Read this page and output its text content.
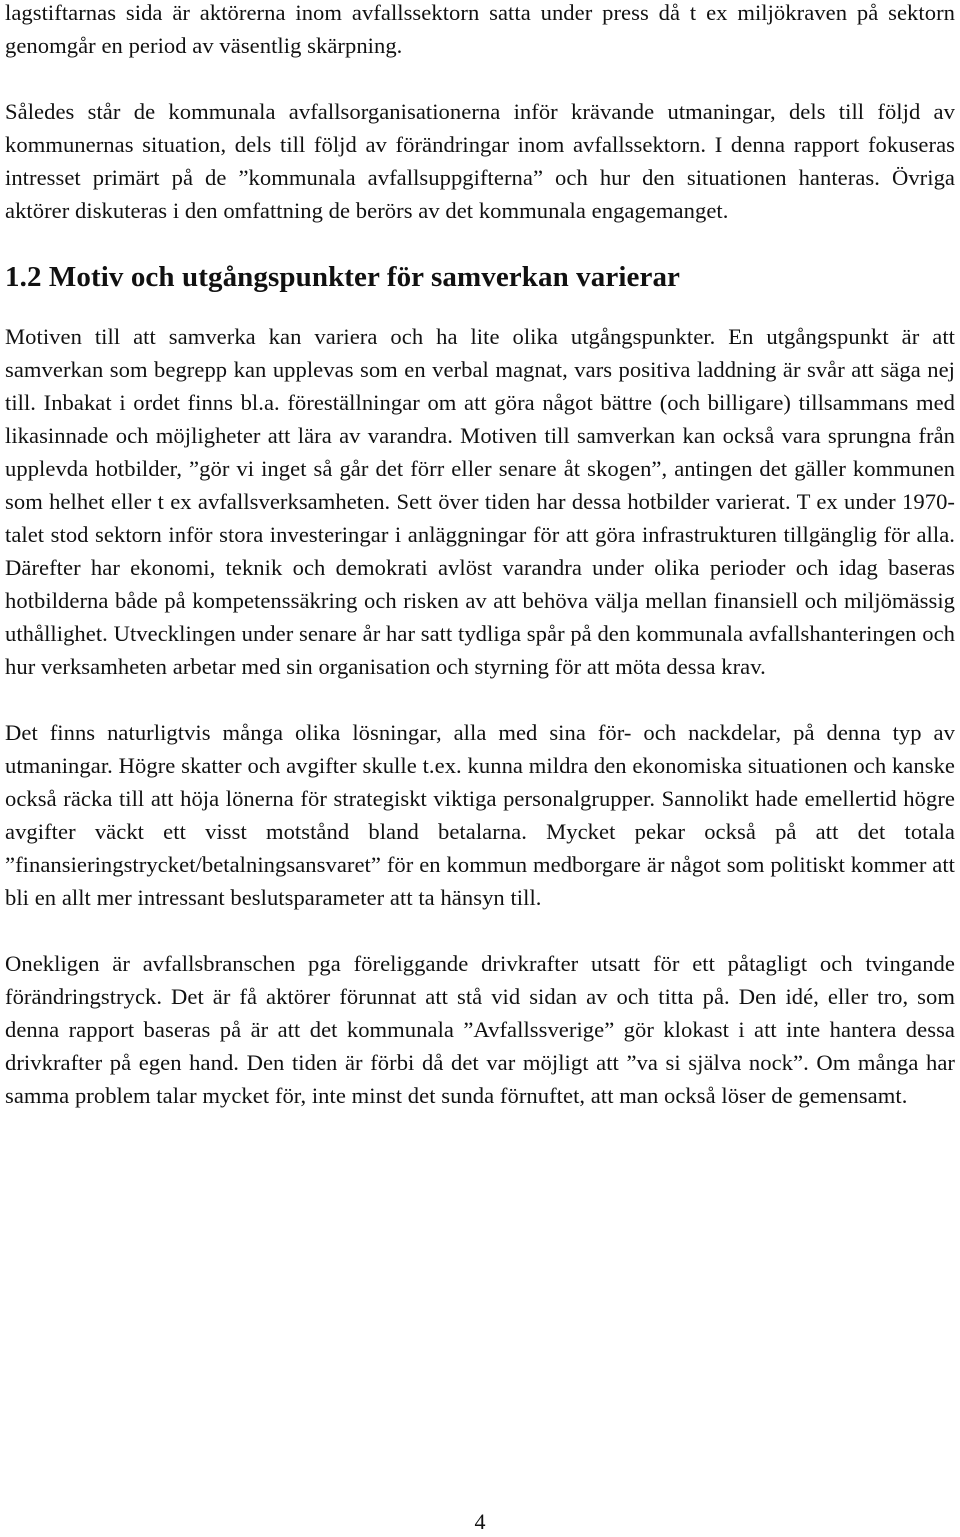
lagstiftarnas sida är aktörerna inom avfallssektorn satta under press då t ex miljökraven på sektorn genomgår en period av väsentlig skärpning.

Således står de kommunala avfallsorganisationerna inför krävande utmaningar, dels till följd av kommunernas situation, dels till följd av förändringar inom avfallssektorn. I denna rapport fokuseras intresset primärt på de ”kommunala avfallsuppgifterna” och hur den situationen hanteras. Övriga aktörer diskuteras i den omfattning de berörs av det kommunala engagemanget.

1.2 Motiv och utgångspunkter för samverkan varierar

Motiven till att samverka kan variera och ha lite olika utgångspunkter. En utgångspunkt är att samverkan som begrepp kan upplevas som en verbal magnat, vars positiva laddning är svår att säga nej till. Inbakat i ordet finns bl.a. föreställningar om att göra något bättre (och billigare) tillsammans med likasinnade och möjligheter att lära av varandra. Motiven till samverkan kan också vara sprungna från upplevda hotbilder, ”gör vi inget så går det förr eller senare åt skogen”, antingen det gäller kommunen som helhet eller t ex avfallsverksamheten. Sett över tiden har dessa hotbilder varierat. T ex under 1970-talet stod sektorn inför stora investeringar i anläggningar för att göra infrastrukturen tillgänglig för alla. Därefter har ekonomi, teknik och demokrati avlöst varandra under olika perioder och idag baseras hotbilderna både på kompetenssäkring och risken av att behöva välja mellan finansiell och miljömässig uthållighet. Utvecklingen under senare år har satt tydliga spår på den kommunala avfallshanteringen och hur verksamheten arbetar med sin organisation och styrning för att möta dessa krav.

Det finns naturligtvis många olika lösningar, alla med sina för- och nackdelar, på denna typ av utmaningar. Högre skatter och avgifter skulle t.ex. kunna mildra den ekonomiska situationen och kanske också räcka till att höja lönerna för strategiskt viktiga personalgrupper. Sannolikt hade emellertid högre avgifter väckt ett visst motstånd bland betalarna. Mycket pekar också på att det totala ”finansieringstrycket/betalningsansvaret” för en kommun medborgare är något som politiskt kommer att bli en allt mer intressant beslutsparameter att ta hänsyn till.

Onekligen är avfallsbranschen pga föreliggande drivkrafter utsatt för ett påtagligt och tvingande förändringstryck. Det är få aktörer förunnat att stå vid sidan av och titta på. Den idé, eller tro, som denna rapport baseras på är att det kommunala ”Avfallssverige” gör klokast i att inte hantera dessa drivkrafter på egen hand. Den tiden är förbi då det var möjligt att ”va si själva nock”. Om många har samma problem talar mycket för, inte minst det sunda förnuftet, att man också löser de gemensamt.

4
